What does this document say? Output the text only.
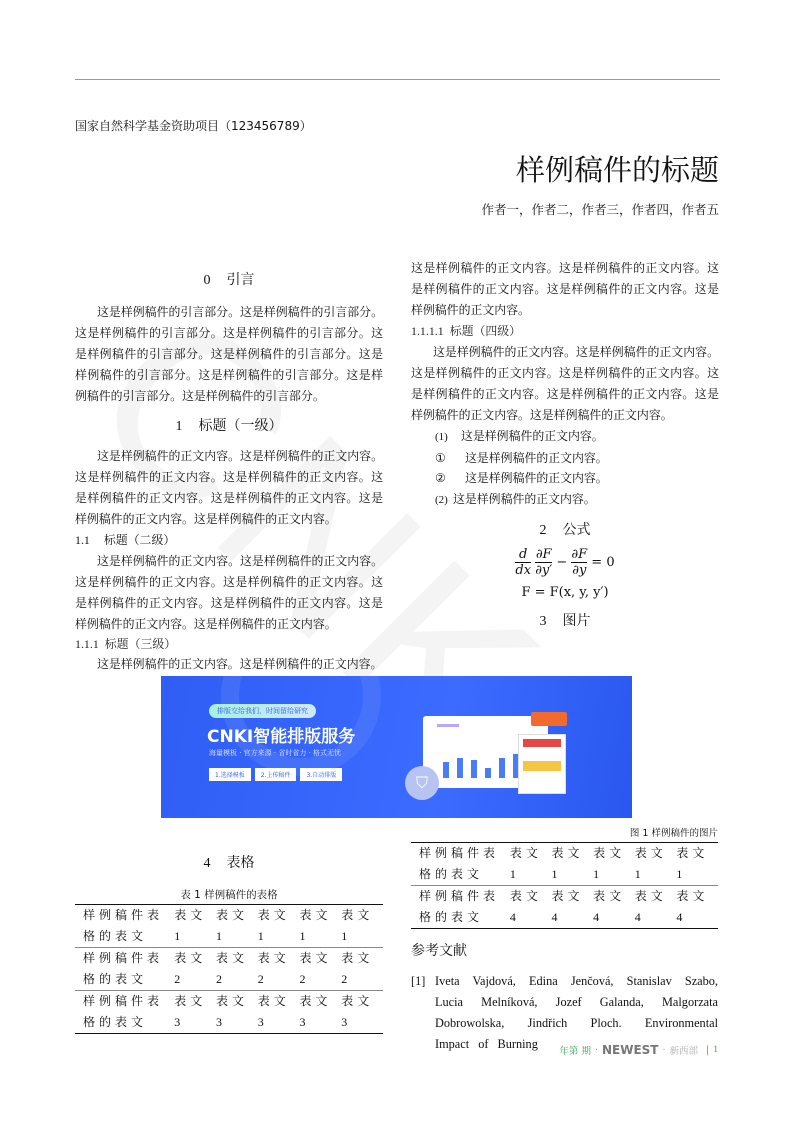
国家自然科学基金资助项目（123456789）
样例稿件的标题
作者一，作者二，作者三，作者四，作者五
0 引言

这是样例稿件的引言部分。这是样例稿件的引言部分。这是样例稿件的引言部分。这是样例稿件的引言部分。这是样例稿件的引言部分。这是样例稿件的引言部分。这是样例稿件的引言部分。这是样例稿件的引言部分。这是样例稿件的引言部分。这是样例稿件的引言部分。

1 标题（一级）

这是样例稿件的正文内容。这是样例稿件的正文内容。这是样例稿件的正文内容。这是样例稿件的正文内容。这是样例稿件的正文内容。这是样例稿件的正文内容。这是样例稿件的正文内容。这是样例稿件的正文内容。

1.1 标题（二级）

这是样例稿件的正文内容。这是样例稿件的正文内容。这是样例稿件的正文内容。这是样例稿件的正文内容。这是样例稿件的正文内容。这是样例稿件的正文内容。这是样例稿件的正文内容。这是样例稿件的正文内容。

1.1.1 标题（三级）

这是样例稿件的正文内容。这是样例稿件的正文内容。

这是样例稿件的正文内容。这是样例稿件的正文内容。这是样例稿件的正文内容。这是样例稿件的正文内容。这是样例稿件的正文内容。

1.1.1.1 标题（四级）

这是样例稿件的正文内容。这是样例稿件的正文内容。这是样例稿件的正文内容。这是样例稿件的正文内容。这是样例稿件的正文内容。这是样例稿件的正文内容。这是样例稿件的正文内容。这是样例稿件的正文内容。

(1) 这是样例稿件的正文内容。
① 这是样例稿件的正文内容。
② 这是样例稿件的正文内容。
(2) 这是样例稿件的正文内容。
2 公式
$\frac{d}{dx}$
$\frac{\partial F}{\partial y'} - \frac{\partial F}{\partial y} = 0$
F = F(x, y, y′)
3 图片
排版交给我们，时间留给研究
CNKI智能排版服务
海量模板 · 官方来源 · 省时省力 · 格式无忧
1.选择模板	2.上传稿件	3.自动排版	⛉
图 1 样例稿件的图片
4 表格
表 1 样例稿件的表格
样例稿件表格的表文	表文1	表文1	表文1	表文1	表文1
样例稿件表格的表文	表文2	表文2	表文2	表文2	表文2
样例稿件表格的表文	表文3	表文3	表文3	表文3	表文3
样例稿件表格的表文	表文1	表文1	表文1	表文1	表文1
样例稿件表格的表文	表文4	表文4	表文4	表文4	表文4
参考文献
[1] Iveta Vajdová, Edina Jenčová, Stanislav Szabo, Lucia Melníková, Jozef Galanda, Malgorzata Dobrowolska, Jindřich Ploch. Environmental Impact of Burning
年第 期 · NEWEST · 新西部 | 1
